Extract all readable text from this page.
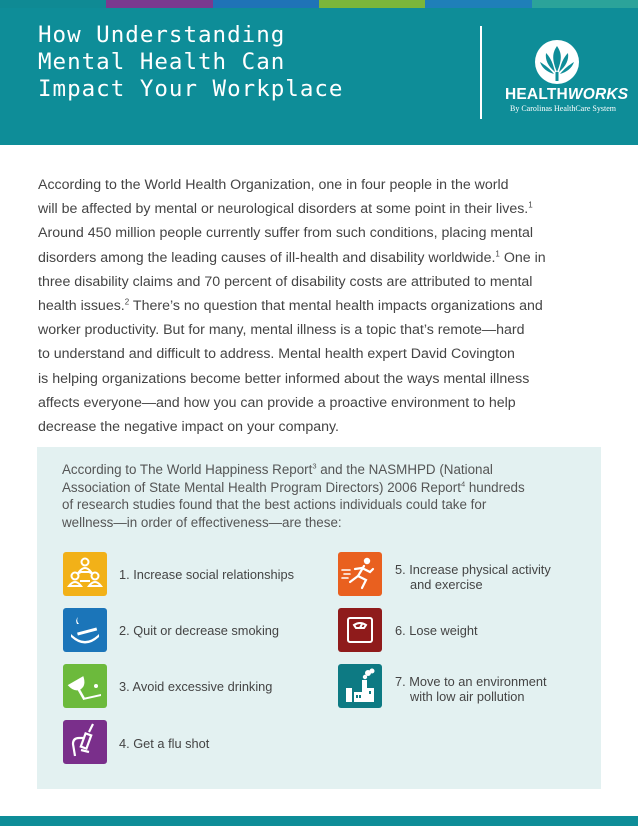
How Understanding
Mental Health Can
Impact Your Workplace	HEALTHWORKS
By Carolinas HealthCare System
According to the World Health Organization, one in four people in the world
will be affected by mental or neurological disorders at some point in their lives.$^1$
Around 450 million people currently suffer from such conditions, placing mental
disorders among the leading causes of ill-health and disability worldwide.$^1$ One in
three disability claims and 70 percent of disability costs are attributed to mental
health issues.$^2$ There’s no question that mental health impacts organizations and
worker productivity. But for many, mental illness is a topic that’s remote—hard
to understand and difficult to address. Mental health expert David Covington
is helping organizations become better informed about the ways mental illness
affects everyone—and how you can provide a proactive environment to help
decrease the negative impact on your company.
According to The World Happiness Report$^3$ and the NASMHPD (National
Association of State Mental Health Program Directors) 2006 Report$^4$ hundreds
of research studies found that the best actions individuals could take for
wellness—in order of effectiveness—are these:
1. Increase social relationships
2. Quit or decrease smoking
3. Avoid excessive drinking
4. Get a flu shot
5. Increase physical activity
and exercise
6. Lose weight
7. Move to an environment
with low air pollution
